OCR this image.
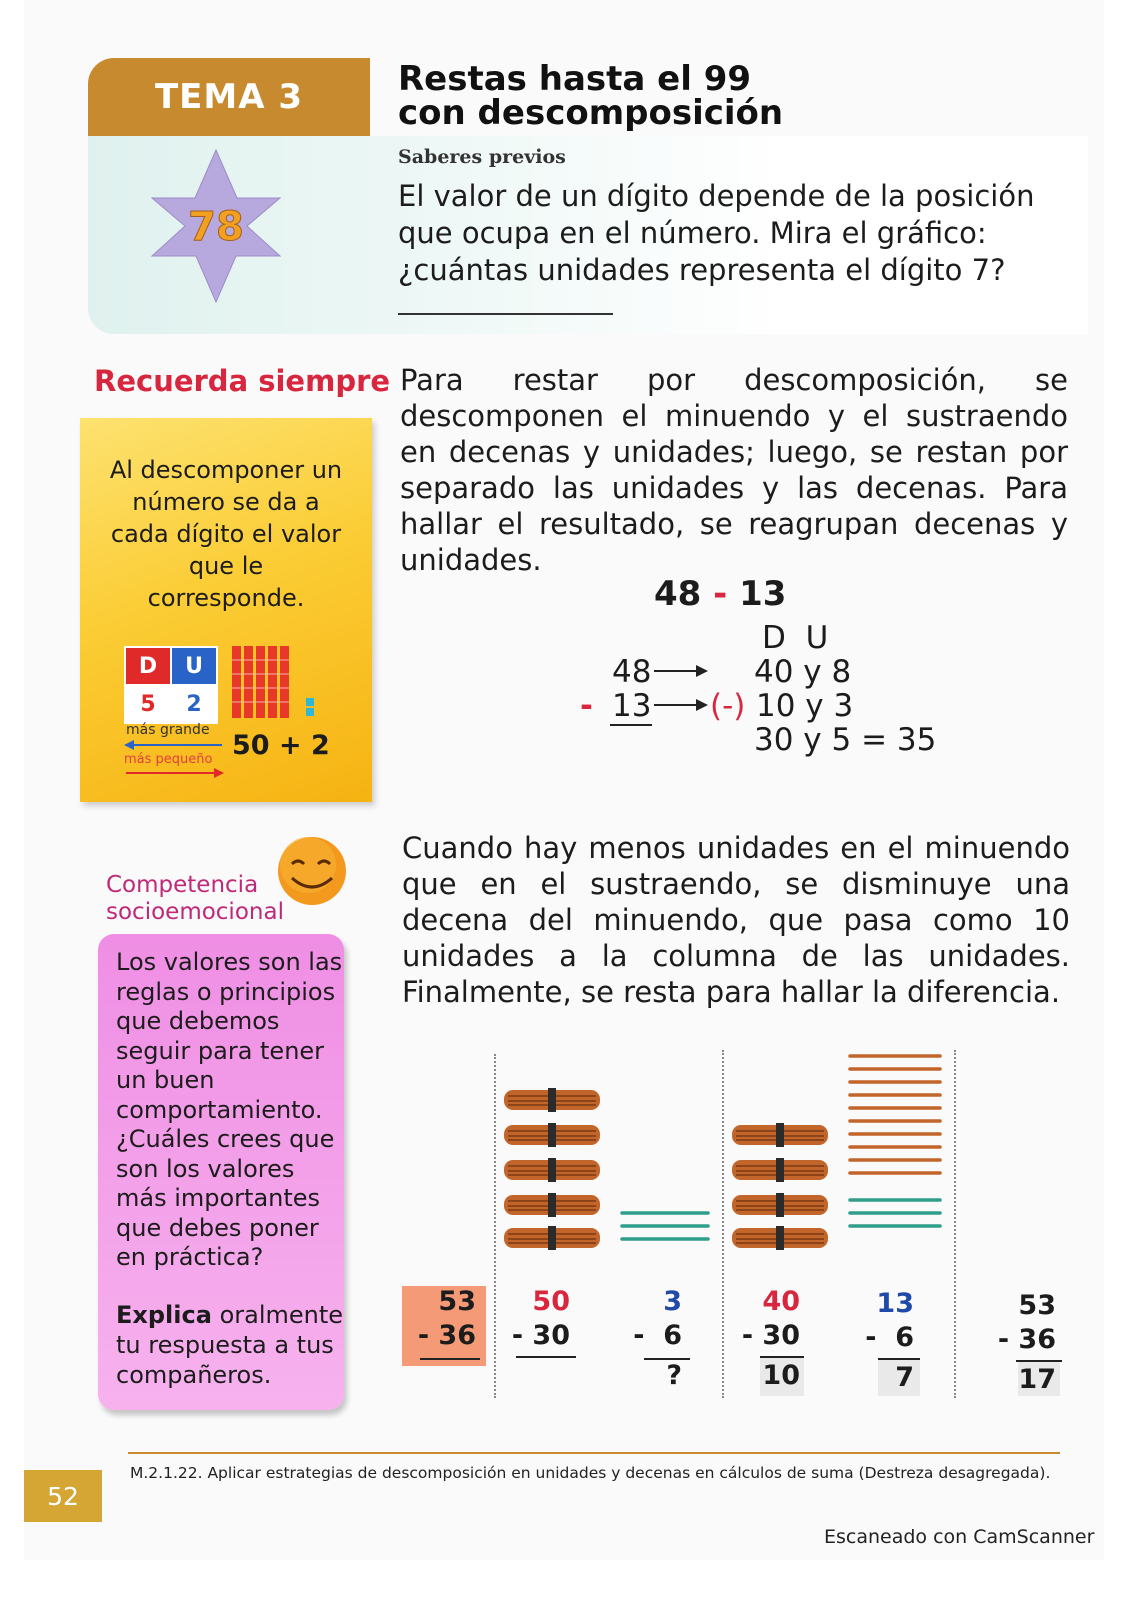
TEMA 3	Restas hasta el 99
con descomposición
78
Saberes previos
El valor de un dígito depende de la posición que ocupa en el número. Mira el gráfico: ¿cuántas unidades representa el dígito 7?
Recuerda siempre
Al descomponer un número se da a cada dígito el valor que le corresponde.
D	U
5	2
más grande
más pequeño 50 + 2
Para restar por descomposición, se descomponen el minuendo y el sustraendo en decenas y unidades; luego, se restan por separado las unidades y las decenas. Para hallar el resultado, se reagrupan decenas y unidades.
48 - 13
D  U
48	40 y 8
- 13 (-) 10 y 3
30 y 5 = 35
Competencia
socioemocional
Los valores son las reglas o principios que debemos seguir para tener un buen comportamiento. ¿Cuáles crees que son los valores más importantes que debes poner en práctica?
Explica oralmente tu respuesta a tus compañeros.
Cuando hay menos unidades en el minuendo que en el sustraendo, se disminuye una decena del minuendo, que pasa como 10 unidades a la columna de las unidades. Finalmente, se resta para hallar la diferencia.
53
- 36
50
- 30
3
-  6
?
40
- 30
10
13
-  6
7
53
- 36
17
M.2.1.22. Aplicar estrategias de descomposición en unidades y decenas en cálculos de suma (Destreza desagregada).
52
Escaneado con CamScanner
